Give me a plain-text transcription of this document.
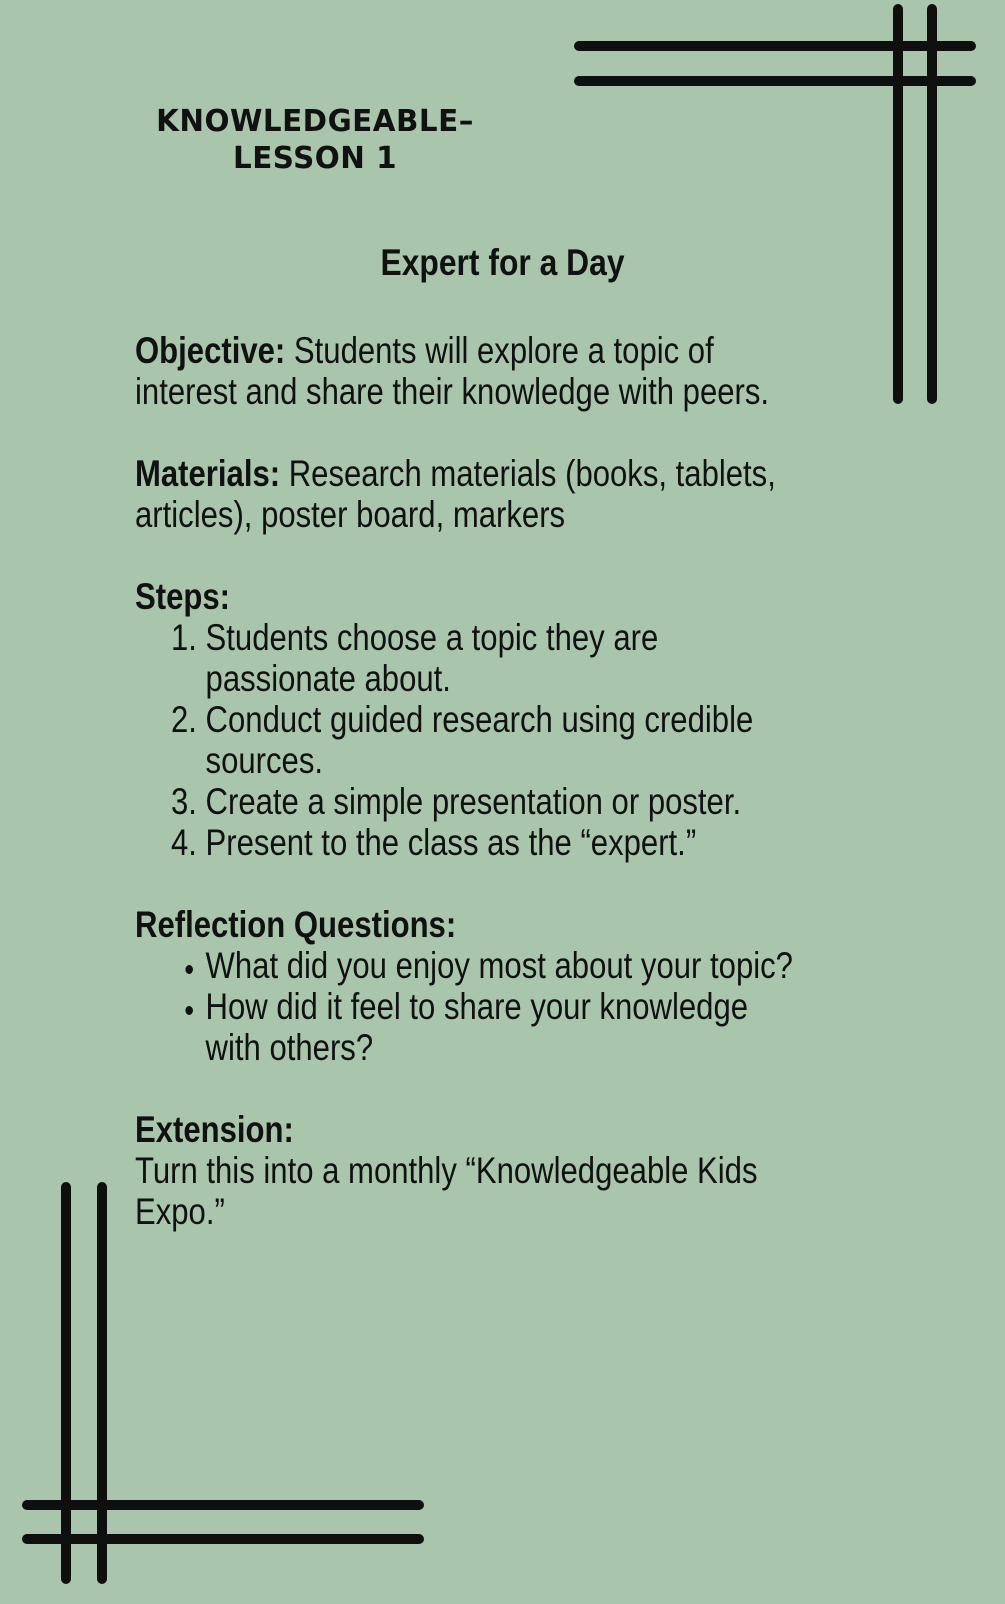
KNOWLEDGEABLE–
LESSON 1
Expert for a Day
Objective: Students will explore a topic of interest and share their knowledge with peers.
Materials: Research materials (books, tablets, articles), poster board, markers
Steps:
1. Students choose a topic they are passionate about.
2. Conduct guided research using credible sources.
3. Create a simple presentation or poster.
4. Present to the class as the “expert.”
Reflection Questions:
• What did you enjoy most about your topic?
• How did it feel to share your knowledge with others?
Extension:
Turn this into a monthly “Knowledgeable Kids Expo.”
